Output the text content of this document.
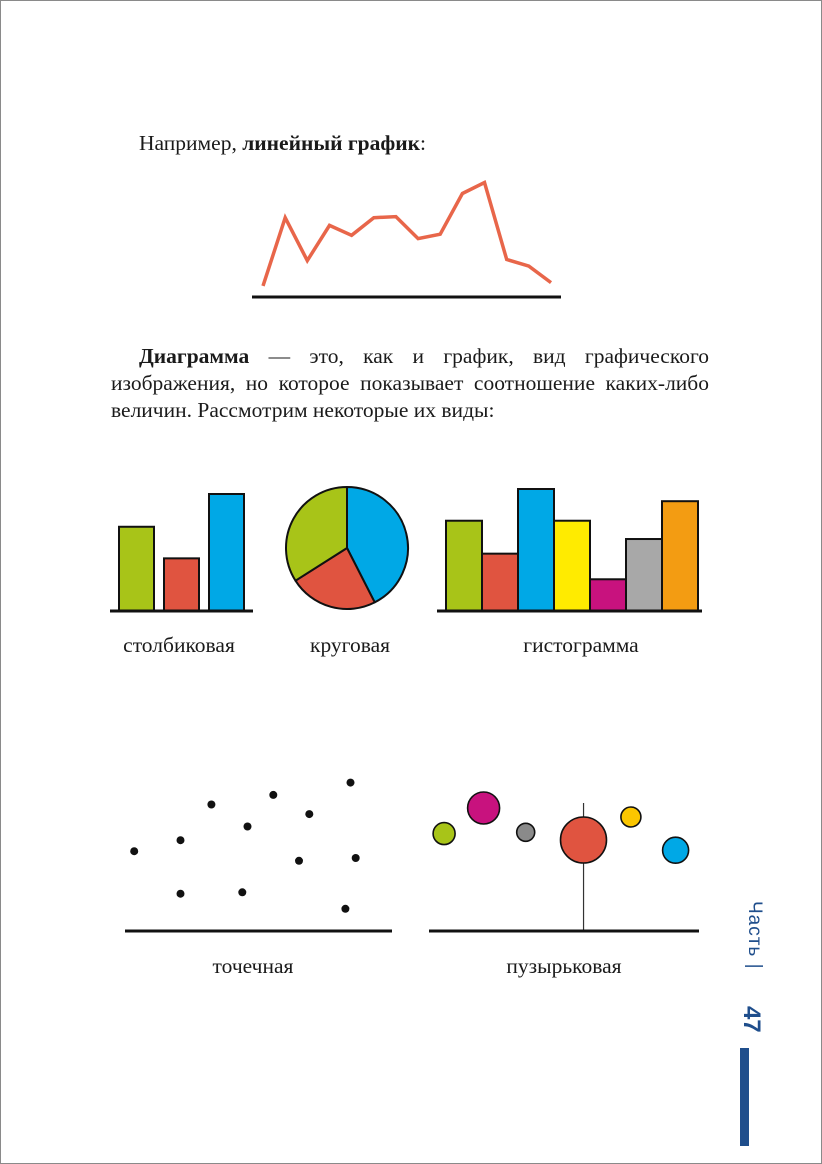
Например, линейный график:
Диаграмма — это, как и график, вид графического изображения, но которое показывает соотношение каких-либо величин. Рассмотрим некоторые их виды:
столбиковая	круговая	гистограмма
точечная	пузырьковая	Часть |
47
